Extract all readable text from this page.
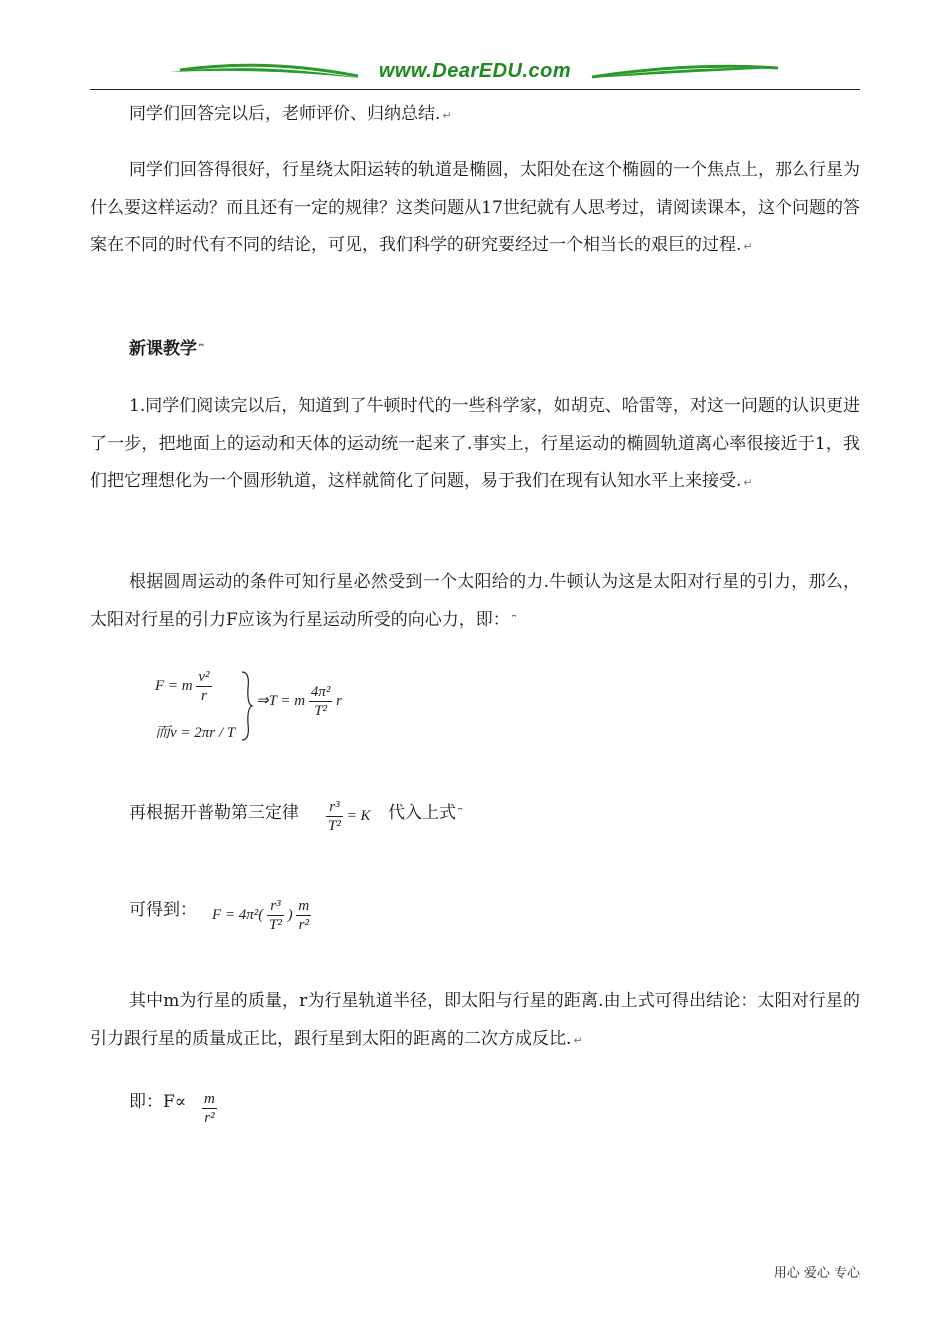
www.DearEDU.com

同学们回答完以后，老师评价、归纳总结. ↵

同学们回答得很好，行星绕太阳运转的轨道是椭圆，太阳处在这个椭圆的一个焦点上，那么行星为什么要这样运动？而且还有一定的规律？这类问题从17世纪就有人思考过，请阅读课本，这个问题的答案在不同的时代有不同的结论，可见，我们科学的研究要经过一个相当长的艰巨的过程. ↵

新课教学 ⎴

1.同学们阅读完以后，知道到了牛顿时代的一些科学家，如胡克、哈雷等，对这一问题的认识更进了一步，把地面上的运动和天体的运动统一起来了.事实上，行星运动的椭圆轨道离心率很接近于1，我们把它理想化为一个圆形轨道，这样就简化了问题，易于我们在现有认知水平上来接受. ↵

根据圆周运动的条件可知行星必然受到一个太阳给的力.牛顿认为这是太阳对行星的引力，那么，太阳对行星的引力F应该为行星运动所受的向心力，即： ⎴

F = m $\frac{\text{v²}}{r}$
而v = 2πr / T
⇒T = m $\frac{\text{4π²}}{\text{T²}}$ r
再根据开普勒第三定律 $\frac{\text{r³}}{\text{T²}} = K$ 代入上式 ⎴
可得到： $F = 4\pi^2( \frac{\text{r³}}{\text{T²}}$ ) $\frac{m}{\text{r²}}$

其中m为行星的质量，r为行星轨道半径，即太阳与行星的距离.由上式可得出结论：太阳对行星的引力跟行星的质量成正比，跟行星到太阳的距离的二次方成反比. ↵

即：$F\propto \frac{m}{\text{r²}}$
用心 爱心 专心
